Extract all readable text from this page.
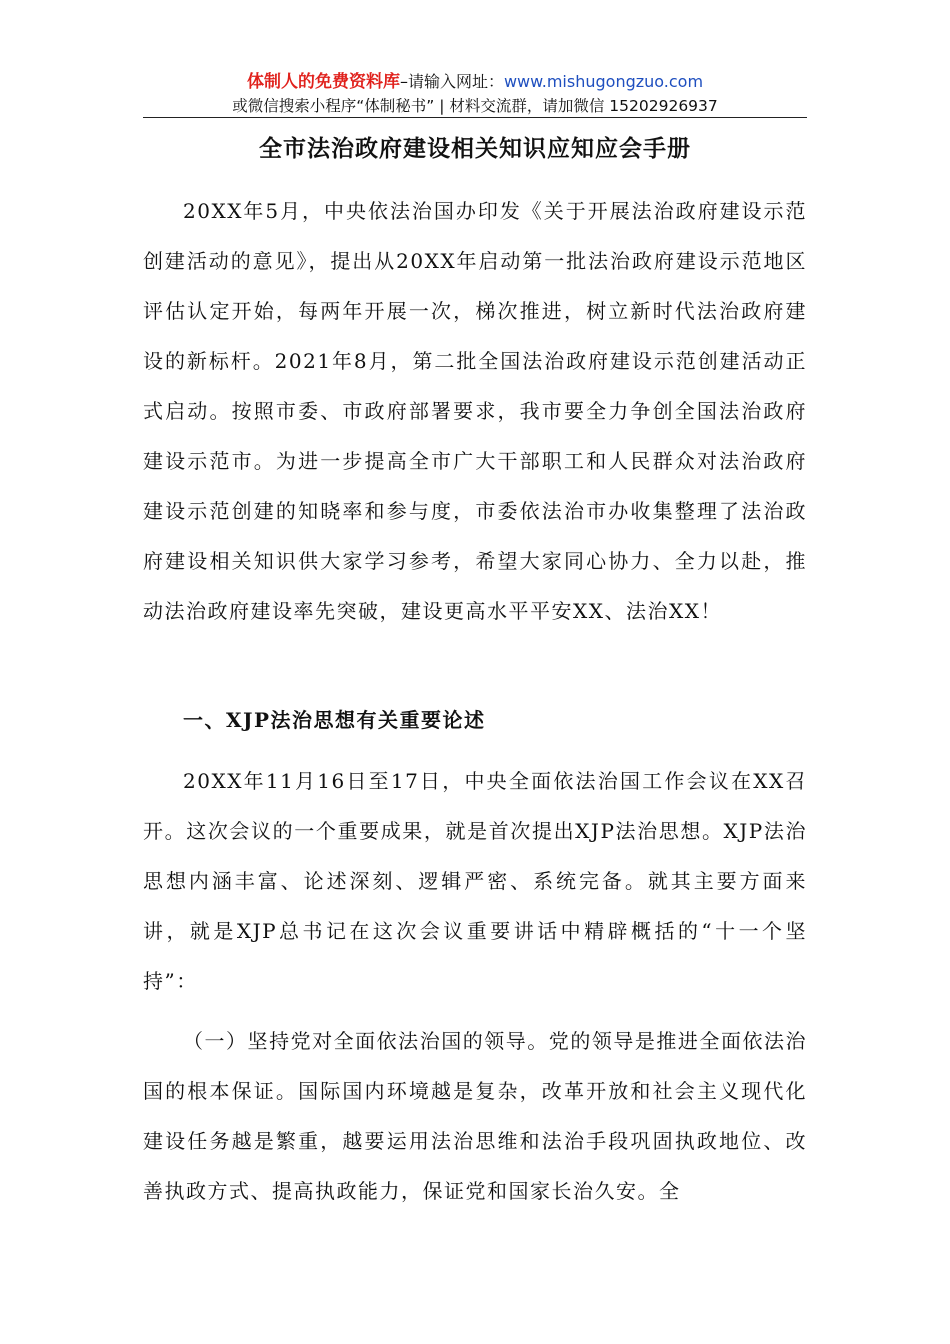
体制人的免费资料库–请输入网址：www.mishugongzuo.com
或微信搜索小程序“体制秘书” | 材料交流群，请加微信 15202926937
全市法治政府建设相关知识应知应会手册

20XX年5月，中央依法治国办印发《关于开展法治政府建设示范创建活动的意见》，提出从20XX年启动第一批法治政府建设示范地区评估认定开始，每两年开展一次，梯次推进，树立新时代法治政府建设的新标杆。2021年8月，第二批全国法治政府建设示范创建活动正式启动。按照市委、市政府部署要求，我市要全力争创全国法治政府建设示范市。为进一步提高全市广大干部职工和人民群众对法治政府建设示范创建的知晓率和参与度，市委依法治市办收集整理了法治政府建设相关知识供大家学习参考，希望大家同心协力、全力以赴，推动法治政府建设率先突破，建设更高水平平安XX、法治XX！

一、XJP法治思想有关重要论述

20XX年11月16日至17日，中央全面依法治国工作会议在XX召开。这次会议的一个重要成果，就是首次提出XJP法治思想。XJP法治思想内涵丰富、论述深刻、逻辑严密、系统完备。就其主要方面来讲，就是XJP总书记在这次会议重要讲话中精辟概括的“十一个坚持”：

（一）坚持党对全面依法治国的领导。党的领导是推进全面依法治国的根本保证。国际国内环境越是复杂，改革开放和社会主义现代化建设任务越是繁重，越要运用法治思维和法治手段巩固执政地位、改善执政方式、提高执政能力，保证党和国家长治久安。全
